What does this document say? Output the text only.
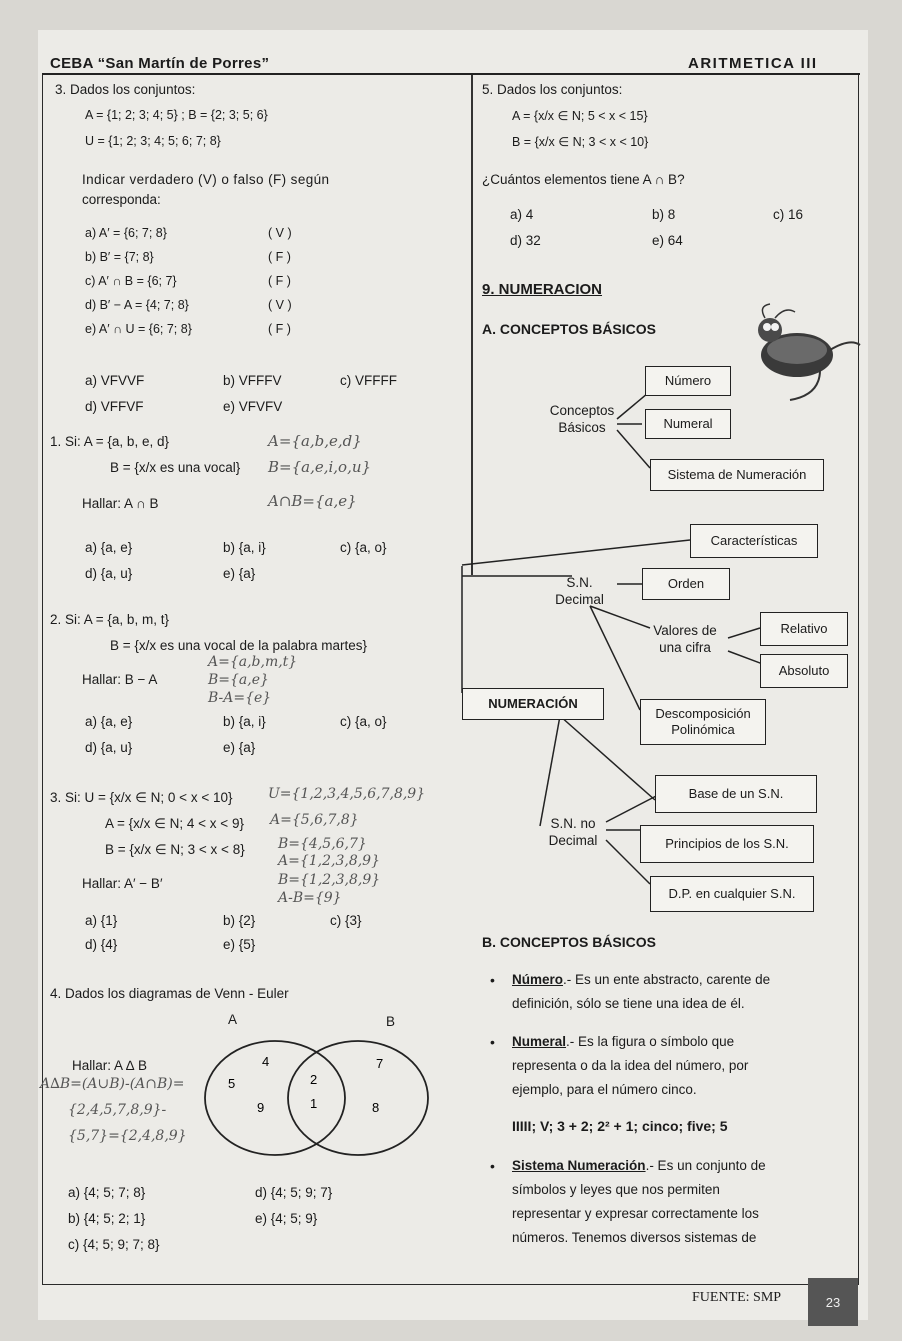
CEBA “San Martín de Porres”	ARITMETICA III
3. Dados los conjuntos:
A = {1; 2; 3; 4; 5} ; B = {2; 3; 5; 6}
U = {1; 2; 3; 4; 5; 6; 7; 8}
Indicar verdadero (V) o falso (F) según
corresponda:
a) A′ = {6; 7; 8}	( V )
b) B′ = {7; 8}	( F )
c) A′ ∩ B = {6; 7}	( F )
d) B′ − A = {4; 7; 8}	( V )
e) A′ ∩ U = {6; 7; 8}	( F )
a) VFVVF	b) VFFFV	c) VFFFF
d) VFFVF	e) VFVFV
1. Si: A = {a, b, e, d}
B = {x/x es una vocal}
A={a,b,e,d}
B={a,e,i,o,u}
Hallar: A ∩ B	A∩B={a,e}
a) {a, e}	b) {a, i}	c) {a, o}
d) {a, u}	e) {a}
2. Si: A = {a, b, m, t}
B = {x/x es una vocal de la palabra martes}
A={a,b,m,t}
Hallar: B − A	B={a,e}
B-A={e}
a) {a, e}	b) {a, i}	c) {a, o}
d) {a, u}	e) {a}
3. Si: U = {x/x ∈ N; 0 < x < 10}	U={1,2,3,4,5,6,7,8,9}
A = {x/x ∈ N; 4 < x < 9} A={5,6,7,8}
B = {x/x ∈ N; 3 < x < 8} B={4,5,6,7}
A={1,2,3,8,9}
Hallar: A′ − B′	B={1,2,3,8,9}
A-B={9}
a) {1}	b) {2}	c) {3}
d) {4}	e) {5}
4. Dados los diagramas de Venn - Euler
A	B
Hallar: A ∆ B
A∆B=(A∪B)-(A∩B)=
{2,4,5,7,8,9}-
{5,7}={2,4,8,9}
4
5
9
2
1
7
8
a) {4; 5; 7; 8}	d) {4; 5; 9; 7}
b) {4; 5; 2; 1}	e) {4; 5; 9}
c) {4; 5; 9; 7; 8}
5. Dados los conjuntos:
A = {x/x ∈ N; 5 < x < 15}
B = {x/x ∈ N; 3 < x < 10}
¿Cuántos elementos tiene A ∩ B?
a) 4	b) 8	c) 16
d) 32	e) 64
9. NUMERACION
A. CONCEPTOS BÁSICOS
Número
Conceptos
Básicos	Numeral
Sistema de Numeración
Características
S.N.
Decimal
Orden
Valores de
una cifra
Relativo
Absoluto
NUMERACIÓN
Descomposición
Polinómica
Base de un S.N.
S.N. no
Decimal	Principios de los S.N.
D.P. en cualquier S.N.
B. CONCEPTOS BÁSICOS
• Número.- Es un ente abstracto, carente de
definición, sólo se tiene una idea de él.
• Numeral.- Es la figura o símbolo que
representa o da la idea del número, por
ejemplo, para el número cinco.
IIIII; V; 3 + 2; 2² + 1; cinco; five; 5
• Sistema Numeración.- Es un conjunto de
símbolos y leyes que nos permiten
representar y expresar correctamente los
números. Tenemos diversos sistemas de
FUENTE: SMP	23
